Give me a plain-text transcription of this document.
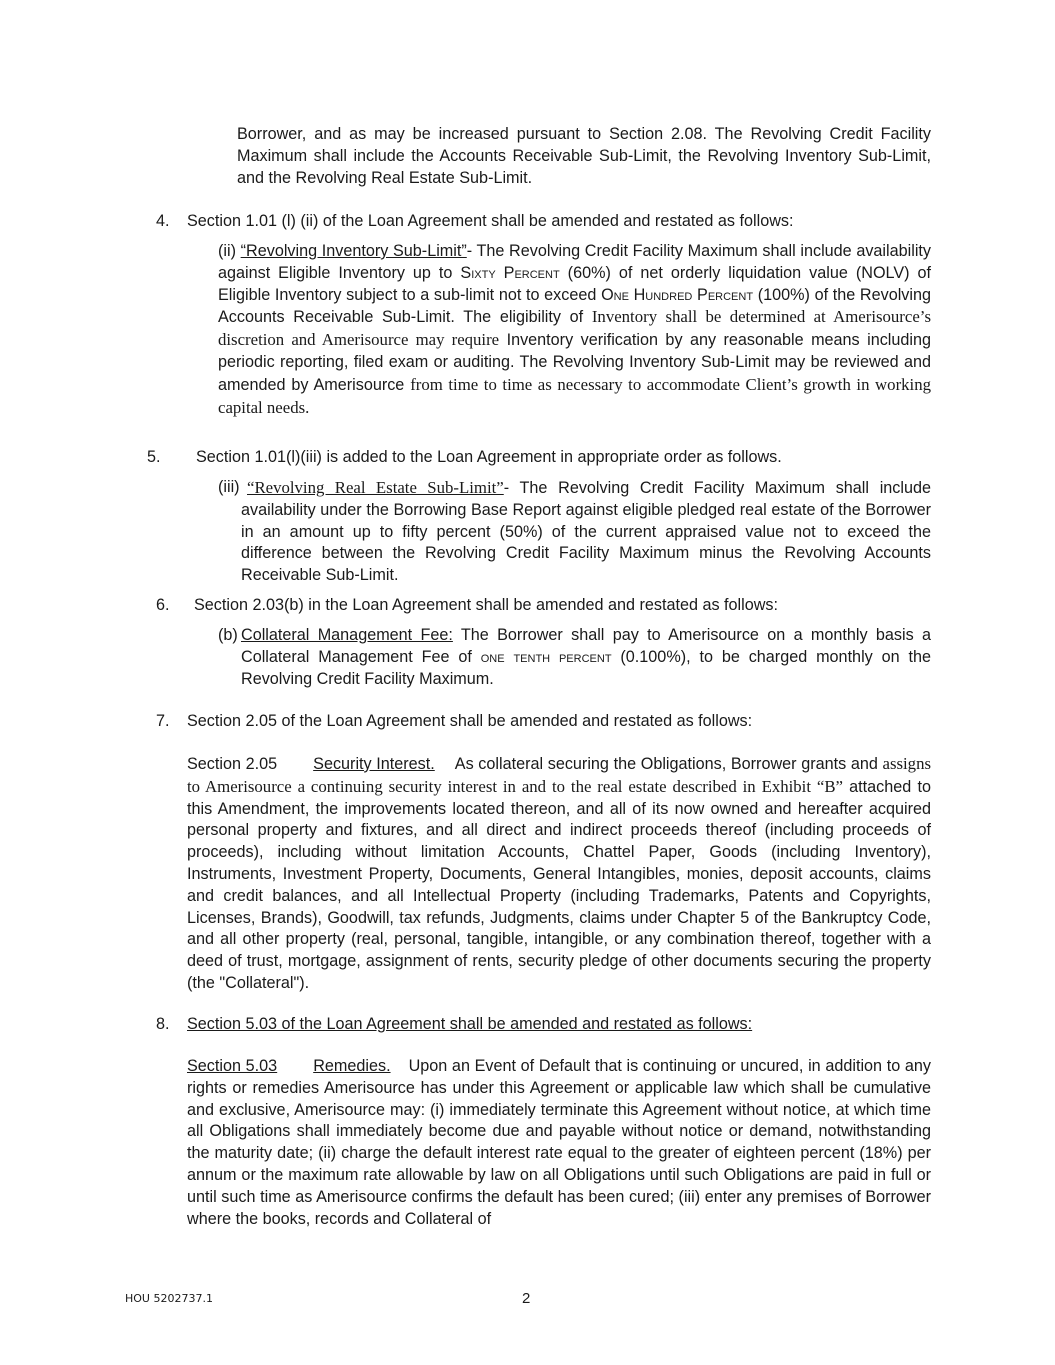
Borrower, and as may be increased pursuant to Section 2.08. The Revolving Credit Facility Maximum shall include the Accounts Receivable Sub-Limit, the Revolving Inventory Sub-Limit, and the Revolving Real Estate Sub-Limit.
4. Section 1.01 (l) (ii) of the Loan Agreement shall be amended and restated as follows:
(ii) “Revolving Inventory Sub-Limit”- The Revolving Credit Facility Maximum shall include availability against Eligible Inventory up to Sixty Percent (60%) of net orderly liquidation value (NOLV) of Eligible Inventory subject to a sub-limit not to exceed One Hundred Percent (100%) of the Revolving Accounts Receivable Sub-Limit. The eligibility of Inventory shall be determined at Amerisource’s discretion and Amerisource may require Inventory verification by any reasonable means including periodic reporting, filed exam or auditing. The Revolving Inventory Sub-Limit may be reviewed and amended by Amerisource from time to time as necessary to accommodate Client’s growth in working capital needs.
5. Section 1.01(l)(iii) is added to the Loan Agreement in appropriate order as follows.
(iii) “Revolving Real Estate Sub-Limit”- The Revolving Credit Facility Maximum shall include availability under the Borrowing Base Report against eligible pledged real estate of the Borrower in an amount up to fifty percent (50%) of the current appraised value not to exceed the difference between the Revolving Credit Facility Maximum minus the Revolving Accounts Receivable Sub-Limit.
6. Section 2.03(b) in the Loan Agreement shall be amended and restated as follows:
(b) Collateral Management Fee: The Borrower shall pay to Amerisource on a monthly basis a Collateral Management Fee of one tenth percent (0.100%), to be charged monthly on the Revolving Credit Facility Maximum.
7. Section 2.05 of the Loan Agreement shall be amended and restated as follows:
Section 2.05 Security Interest. As collateral securing the Obligations, Borrower grants and assigns to Amerisource a continuing security interest in and to the real estate described in Exhibit “B” attached to this Amendment, the improvements located thereon, and all of its now owned and hereafter acquired personal property and fixtures, and all direct and indirect proceeds thereof (including proceeds of proceeds), including without limitation Accounts, Chattel Paper, Goods (including Inventory), Instruments, Investment Property, Documents, General Intangibles, monies, deposit accounts, claims and credit balances, and all Intellectual Property (including Trademarks, Patents and Copyrights, Licenses, Brands), Goodwill, tax refunds, Judgments, claims under Chapter 5 of the Bankruptcy Code, and all other property (real, personal, tangible, intangible, or any combination thereof, together with a deed of trust, mortgage, assignment of rents, security pledge of other documents securing the property (the "Collateral").
8.	Section 5.03 of the Loan Agreement shall be amended and restated as follows:
Section 5.03 Remedies. Upon an Event of Default that is continuing or uncured, in addition to any rights or remedies Amerisource has under this Agreement or applicable law which shall be cumulative and exclusive, Amerisource may: (i) immediately terminate this Agreement without notice, at which time all Obligations shall immediately become due and payable without notice or demand, notwithstanding the maturity date; (ii) charge the default interest rate equal to the greater of eighteen percent (18%) per annum or the maximum rate allowable by law on all Obligations until such Obligations are paid in full or until such time as Amerisource confirms the default has been cured; (iii) enter any premises of Borrower where the books, records and Collateral of
HOU 5202737.1	2
